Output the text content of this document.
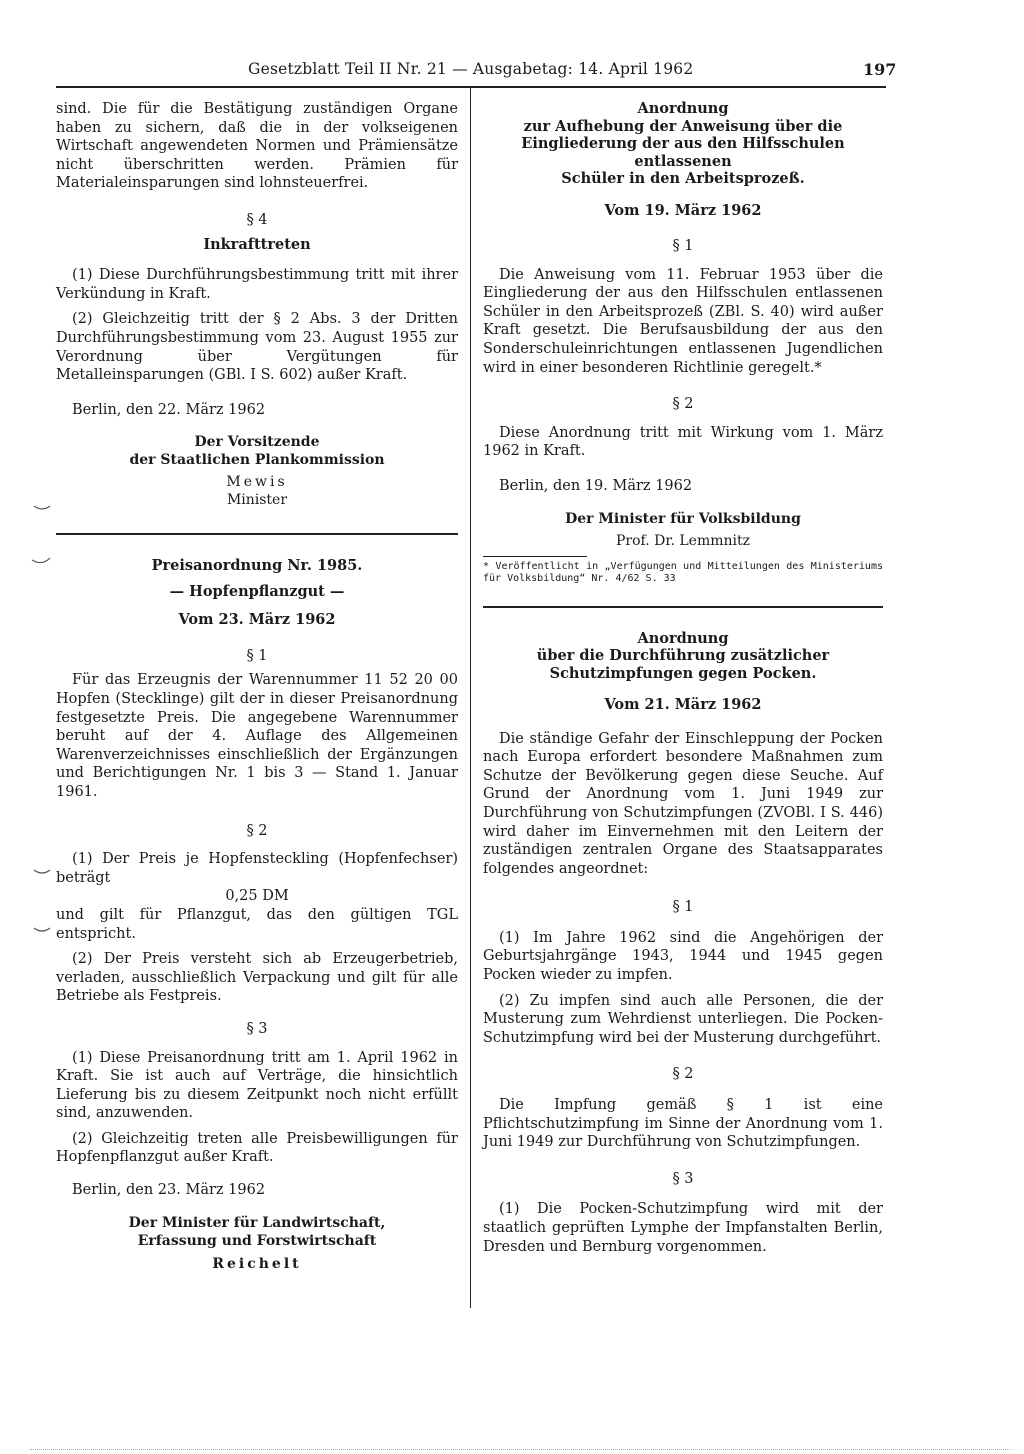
Gesetzblatt Teil II Nr. 21 — Ausgabetag: 14. April 1962	197

sind. Die für die Bestätigung zuständigen Organe haben zu sichern, daß die in der volkseigenen Wirtschaft angewendeten Normen und Prämiensätze nicht überschritten werden. Prämien für Materialeinsparungen sind lohnsteuerfrei.

§ 4

Inkrafttreten

(1) Diese Durchführungsbestimmung tritt mit ihrer Verkündung in Kraft.

(2) Gleichzeitig tritt der § 2 Abs. 3 der Dritten Durchführungsbestimmung vom 23. August 1955 zur Verordnung über Vergütungen für Metalleinsparungen (GBl. I S. 602) außer Kraft.

Berlin, den 22. März 1962

Der Vorsitzende
der Staatlichen Plankommission
Mewis
Minister
Preisanordnung Nr. 1985.
— Hopfenpflanzgut —
Vom 23. März 1962

§ 1

Für das Erzeugnis der Warennummer 11 52 20 00 Hopfen (Stecklinge) gilt der in dieser Preisanordnung festgesetzte Preis. Die angegebene Warennummer beruht auf der 4. Auflage des Allgemeinen Warenverzeichnisses einschließlich der Ergänzungen und Berichtigungen Nr. 1 bis 3 — Stand 1. Januar 1961.

§ 2

(1) Der Preis je Hopfensteckling (Hopfenfechser) beträgt

0,25 DM

und gilt für Pflanzgut, das den gültigen TGL entspricht.

(2) Der Preis versteht sich ab Erzeugerbetrieb, verladen, ausschließlich Verpackung und gilt für alle Betriebe als Festpreis.

§ 3

(1) Diese Preisanordnung tritt am 1. April 1962 in Kraft. Sie ist auch auf Verträge, die hinsichtlich Lieferung bis zu diesem Zeitpunkt noch nicht erfüllt sind, anzuwenden.

(2) Gleichzeitig treten alle Preisbewilligungen für Hopfenpflanzgut außer Kraft.

Berlin, den 23. März 1962

Der Minister für Landwirtschaft,
Erfassung und Forstwirtschaft
Reichelt
Anordnung
zur Aufhebung der Anweisung über die
Eingliederung der aus den Hilfsschulen entlassenen
Schüler in den Arbeitsprozeß.
Vom 19. März 1962

§ 1

Die Anweisung vom 11. Februar 1953 über die Eingliederung der aus den Hilfsschulen entlassenen Schüler in den Arbeitsprozeß (ZBl. S. 40) wird außer Kraft gesetzt. Die Berufsausbildung der aus den Sonderschuleinrichtungen entlassenen Jugendlichen wird in einer besonderen Richtlinie geregelt.*

§ 2

Diese Anordnung tritt mit Wirkung vom 1. März 1962 in Kraft.

Berlin, den 19. März 1962

Der Minister für Volksbildung
Prof. Dr. Lemmnitz

* Veröffentlicht in „Verfügungen und Mitteilungen des Ministeriums für Volksbildung“ Nr. 4/62 S. 33

Anordnung
über die Durchführung zusätzlicher
Schutzimpfungen gegen Pocken.
Vom 21. März 1962

Die ständige Gefahr der Einschleppung der Pocken nach Europa erfordert besondere Maßnahmen zum Schutze der Bevölkerung gegen diese Seuche. Auf Grund der Anordnung vom 1. Juni 1949 zur Durchführung von Schutzimpfungen (ZVOBl. I S. 446) wird daher im Einvernehmen mit den Leitern der zuständigen zentralen Organe des Staatsapparates folgendes angeordnet:

§ 1

(1) Im Jahre 1962 sind die Angehörigen der Geburtsjahrgänge 1943, 1944 und 1945 gegen Pocken wieder zu impfen.

(2) Zu impfen sind auch alle Personen, die der Musterung zum Wehrdienst unterliegen. Die Pocken-Schutzimpfung wird bei der Musterung durchgeführt.

§ 2

Die Impfung gemäß § 1 ist eine Pflichtschutzimpfung im Sinne der Anordnung vom 1. Juni 1949 zur Durchführung von Schutzimpfungen.

§ 3

(1) Die Pocken-Schutzimpfung wird mit der staatlich geprüften Lymphe der Impfanstalten Berlin, Dresden und Bernburg vorgenommen.
